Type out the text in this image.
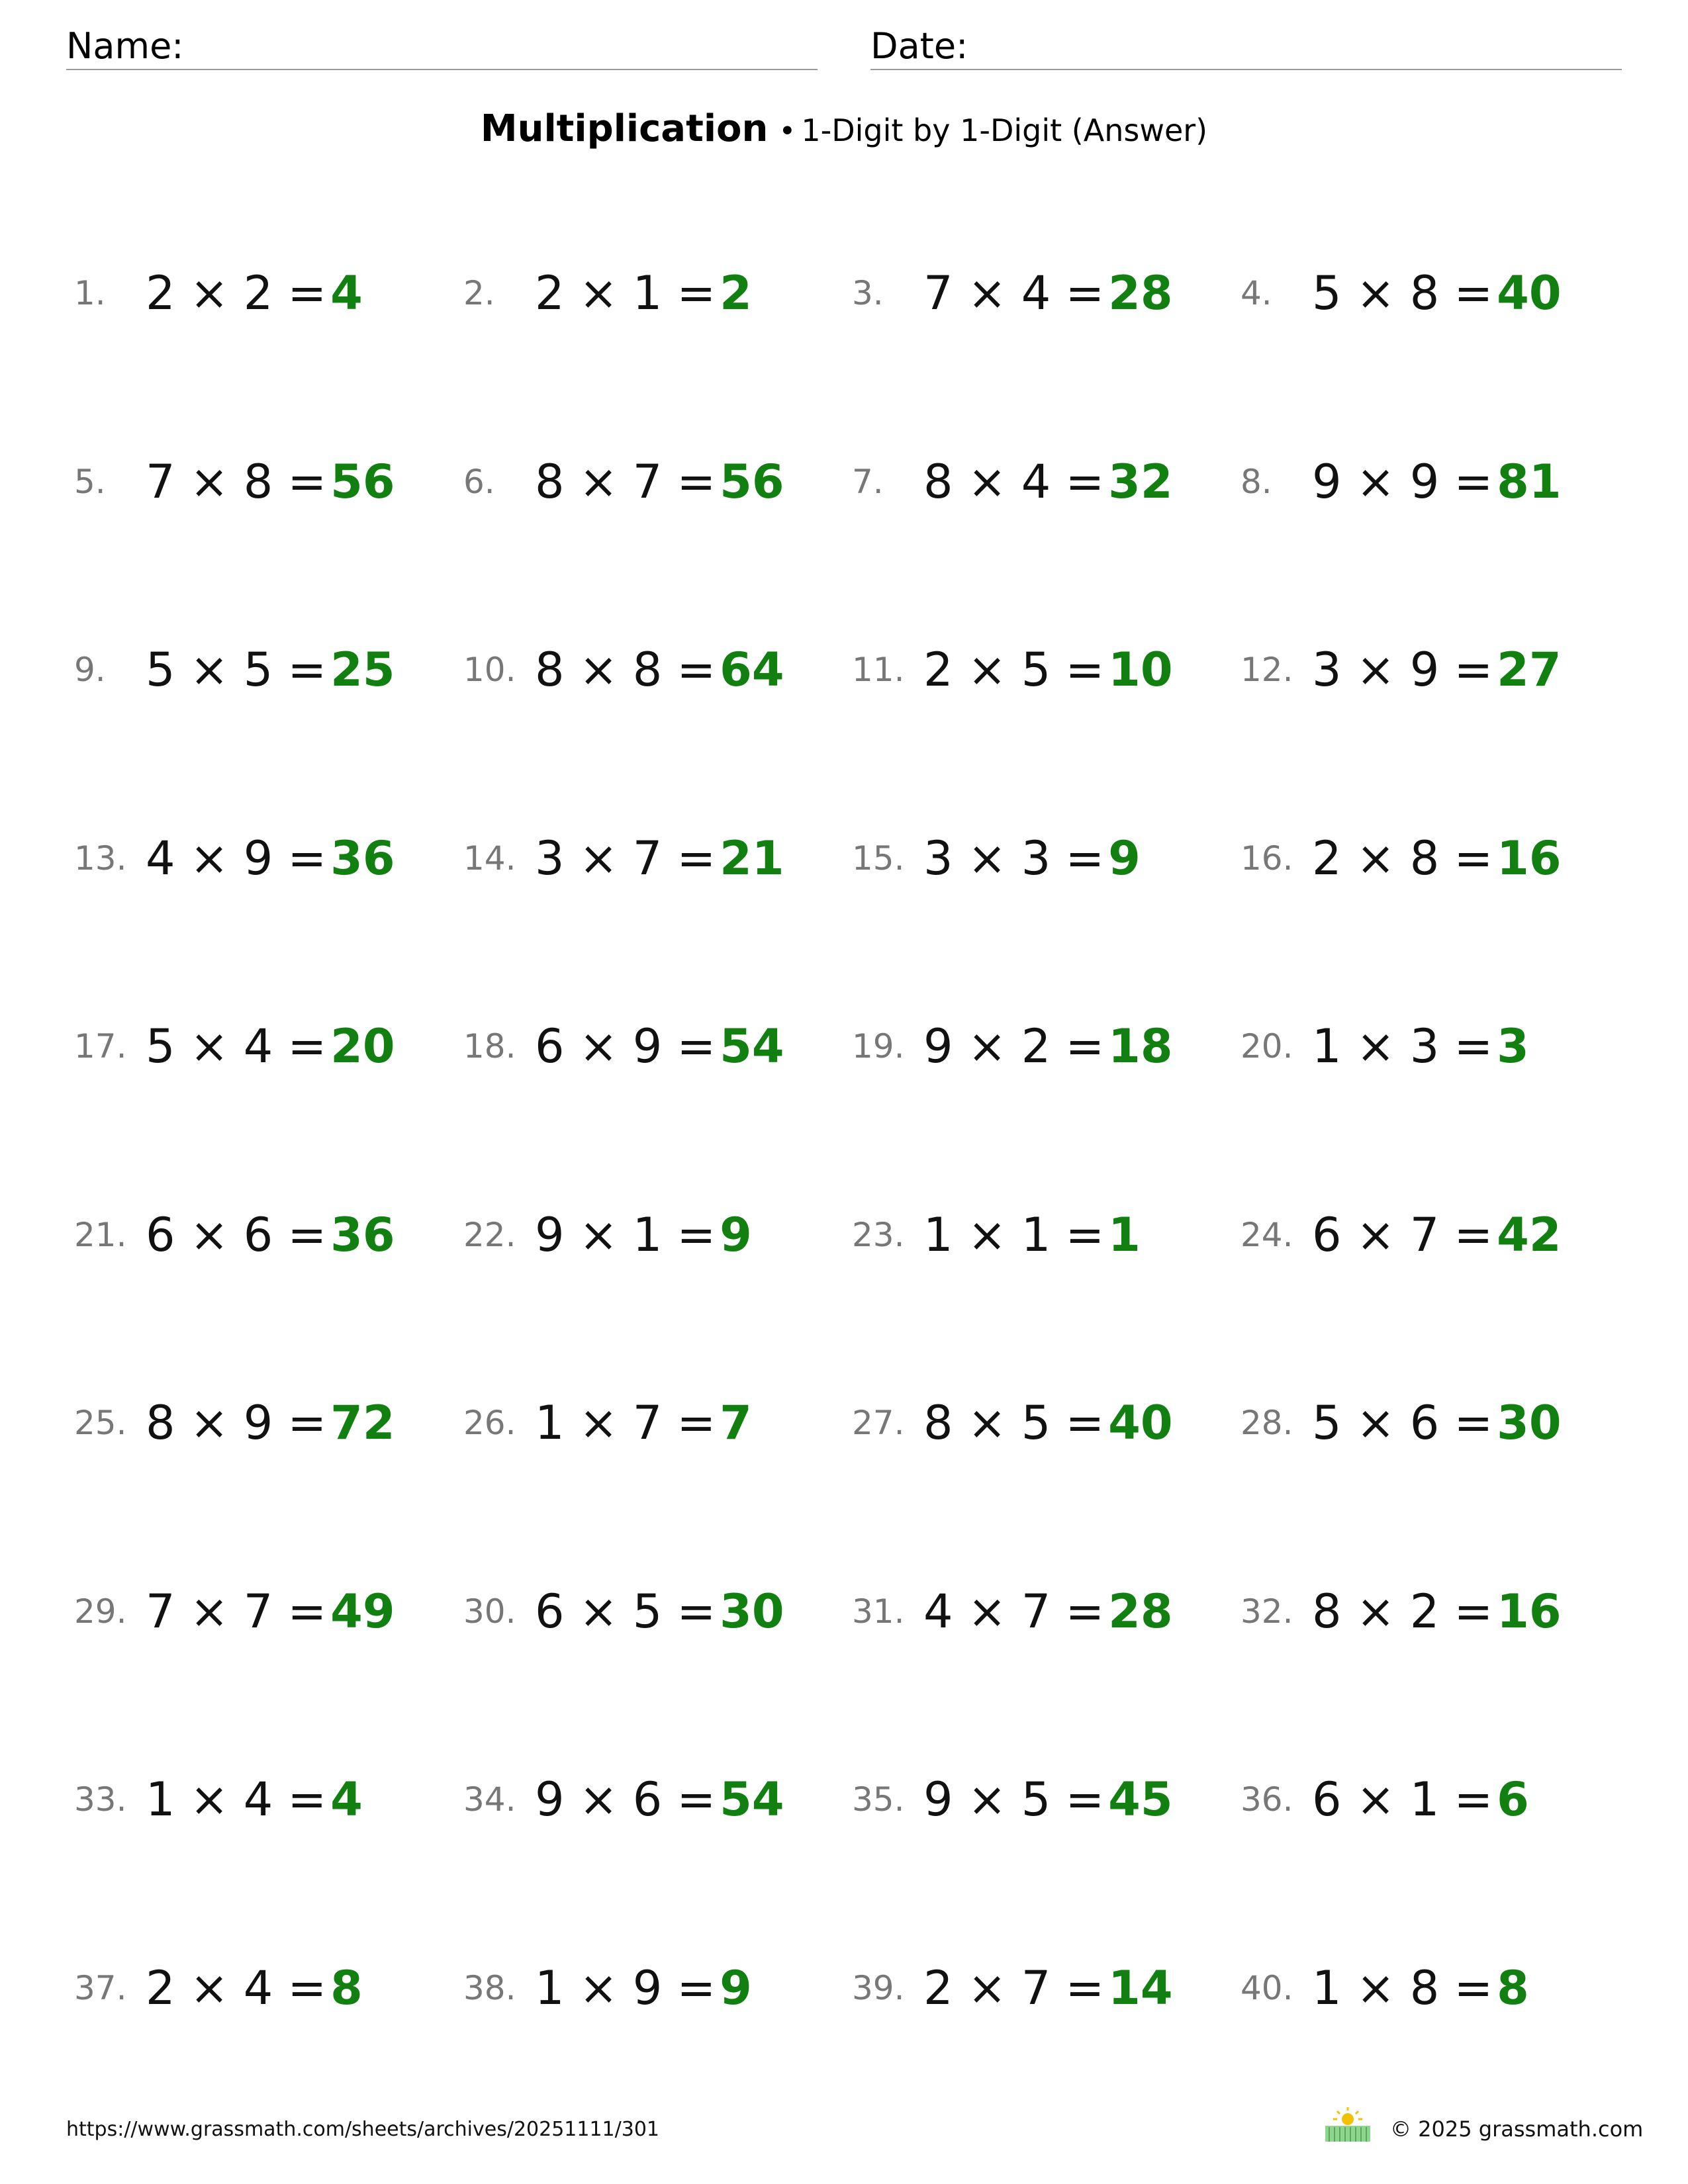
Name:	Date:
Multiplication • 1-Digit by 1-Digit (Answer)
1. 2 × 2 = 4	2. 2 × 1 = 2	3. 7 × 4 = 28 4. 5 × 8 = 40
5. 7 × 8 = 56 6. 8 × 7 = 56 7. 8 × 4 = 32 8. 9 × 9 = 81
9. 5 × 5 = 25 10. 8 × 8 = 64 11. 2 × 5 = 10 12. 3 × 9 = 27
13. 4 × 9 = 36 14. 3 × 7 = 21 15. 3 × 3 = 9	16. 2 × 8 = 16
17. 5 × 4 = 20 18. 6 × 9 = 54 19. 9 × 2 = 18 20. 1 × 3 = 3
21. 6 × 6 = 36 22. 9 × 1 = 9	23. 1 × 1 = 1	24. 6 × 7 = 42
25. 8 × 9 = 72 26. 1 × 7 = 7	27. 8 × 5 = 40 28. 5 × 6 = 30
29. 7 × 7 = 49 30. 6 × 5 = 30 31. 4 × 7 = 28 32. 8 × 2 = 16
33. 1 × 4 = 4	34. 9 × 6 = 54 35. 9 × 5 = 45 36. 6 × 1 = 6
37. 2 × 4 = 8	38. 1 × 9 = 9	39. 2 × 7 = 14 40. 1 × 8 = 8
https://www.grassmath.com/sheets/archives/20251111/301	© 2025 grassmath.com
